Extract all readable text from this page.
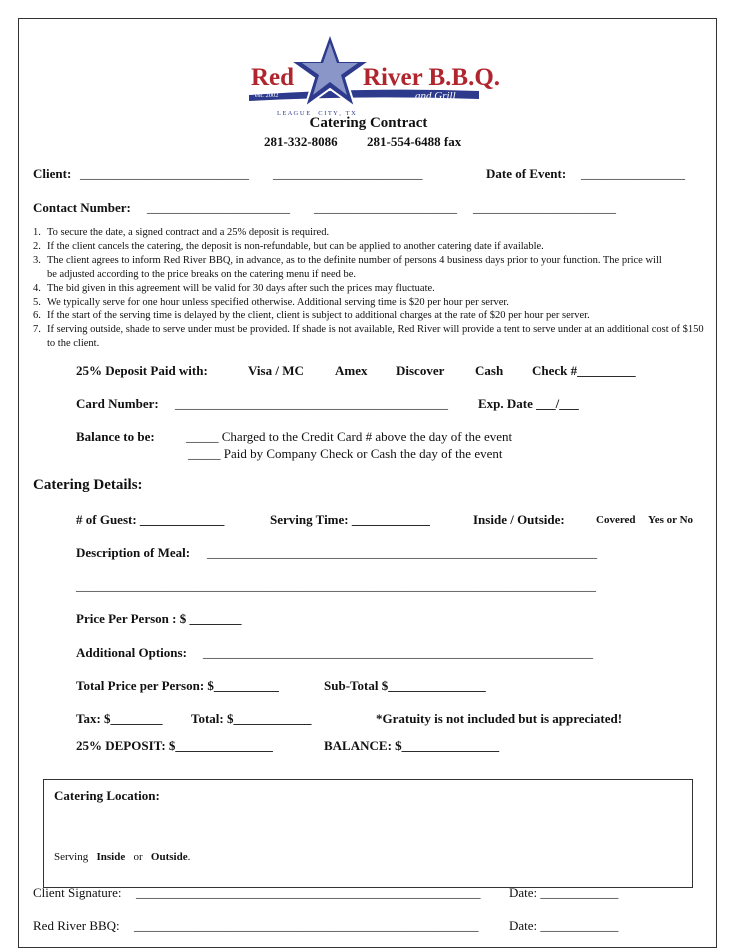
Red	River B.B.Q.
est. 2002	and Grill
L E A G U E     C I T Y ,   T X
Catering Contract
281-332-8086 281-554-6488 fax
Client: __________________________ _______________________	Date of Event: ________________
Contact Number: ______________________ ______________________ ______________________
1. To secure the date, a signed contract and a 25% deposit is required.
2. If the client cancels the catering, the deposit is non-refundable, but can be applied to another catering date if available.
3. The client agrees to inform Red River BBQ, in advance, as to the definite number of persons 4 business days prior to your function. The price will be adjusted according to the price breaks on the catering menu if need be.
4. The bid given in this agreement will be valid for 30 days after such the prices may fluctuate.
5. We typically serve for one hour unless specified otherwise. Additional serving time is $20 per hour per server.
6. If the start of the serving time is delayed by the client, client is subject to additional charges at the rate of $20 per hour per server.
7. If serving outside, shade to serve under must be provided. If shade is not available, Red River will provide a tent to serve under at an additional cost of $150 to the client.
25% Deposit Paid with:	Visa / MC Amex Discover Cash Check #_________
Card Number: __________________________________________ Exp. Date ___/___
Balance to be: _____ Charged to the Credit Card # above the day of the event
_____ Paid by Company Check or Cash the day of the event
Catering Details:
# of Guest: _____________	Serving Time: ____________	Inside / Outside:	Covered Yes or No
Description of Meal: ____________________________________________________________
________________________________________________________________________________
Price Per Person : $ ________
Additional Options: ____________________________________________________________
Total Price per Person: $__________	Sub-Total $_______________
Tax: $________ Total: $____________	*Gratuity is not included but is appreciated!
25% DEPOSIT: $_______________	BALANCE: $_______________
Catering Location:
Serving Inside or Outside.
Client Signature: _____________________________________________________ Date: ____________
Red River BBQ: _____________________________________________________ Date: ____________
